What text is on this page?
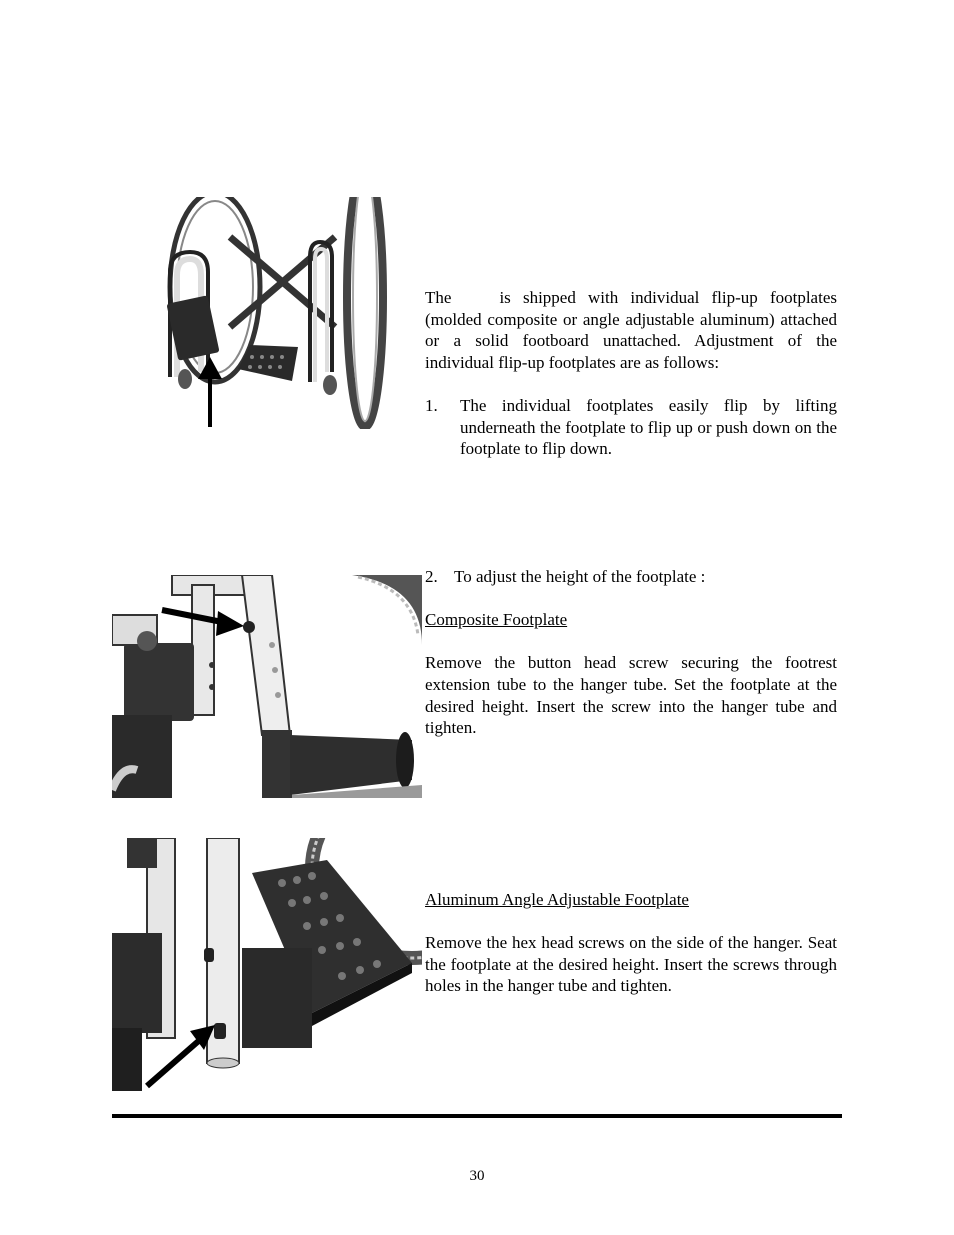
The	is shipped with individual flip-up footplates (molded composite or angle adjustable aluminum) attached or a solid footboard unattached. Adjustment of the individual flip-up footplates are as follows:

1.	The individual footplates easily flip by lifting underneath the footplate to flip up or push down on the footplate to flip down.
2. To adjust the height of the footplate :

Composite Footplate

Remove the button head screw securing the footrest extension tube to the hanger tube. Set the footplate at the desired height. Insert the screw into the hanger tube and tighten.

Aluminum Angle Adjustable Footplate

Remove the hex head screws on the side of the hanger. Seat the footplate at the desired height. Insert the screws through holes in the hanger tube and tighten.

30
